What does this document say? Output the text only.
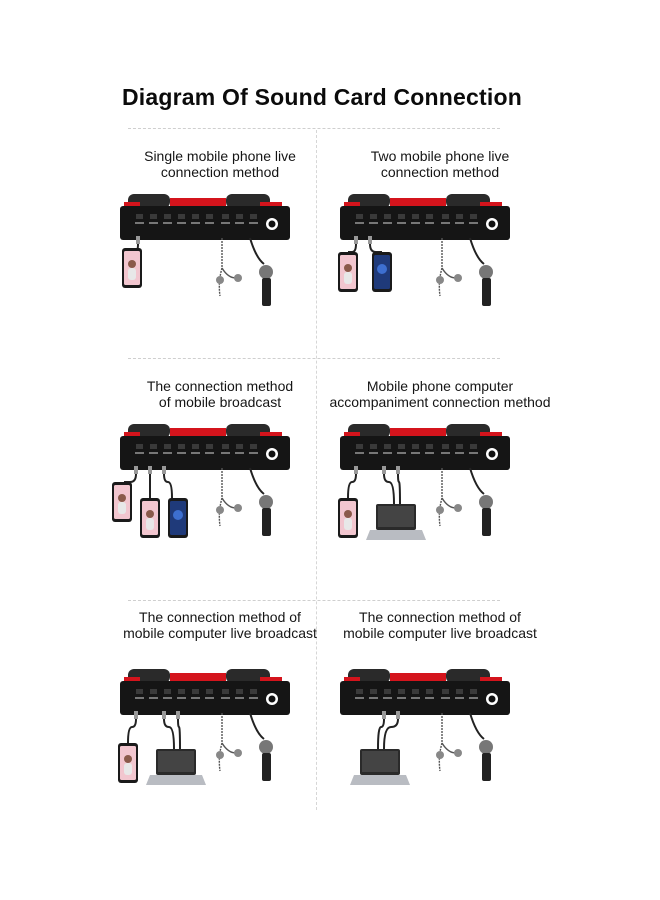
Diagram Of Sound Card Connection
Single mobile phone live
connection method
Two mobile phone live
connection method
The connection method
of mobile broadcast
Mobile phone computer
accompaniment connection method
The connection method of
mobile computer live broadcast
The connection method of
mobile computer live broadcast
